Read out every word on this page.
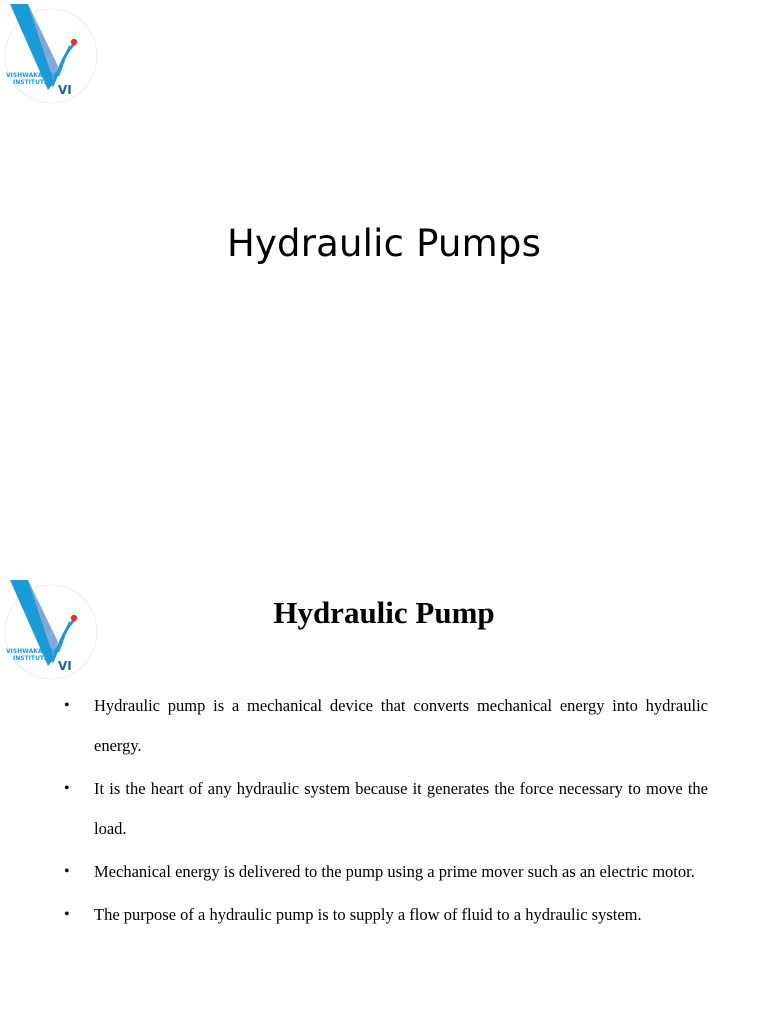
VISHWAKARMA
INSTITUTES
VI
Hydraulic Pumps
VISHWAKARMA
INSTITUTES
VI
Hydraulic Pump
• Hydraulic pump is a mechanical device that converts mechanical energy into hydraulic energy.
• It is the heart of any hydraulic system because it generates the force necessary to move the load.
• Mechanical energy is delivered to the pump using a prime mover such as an electric motor.
• The purpose of a hydraulic pump is to supply a flow of fluid to a hydraulic system.
